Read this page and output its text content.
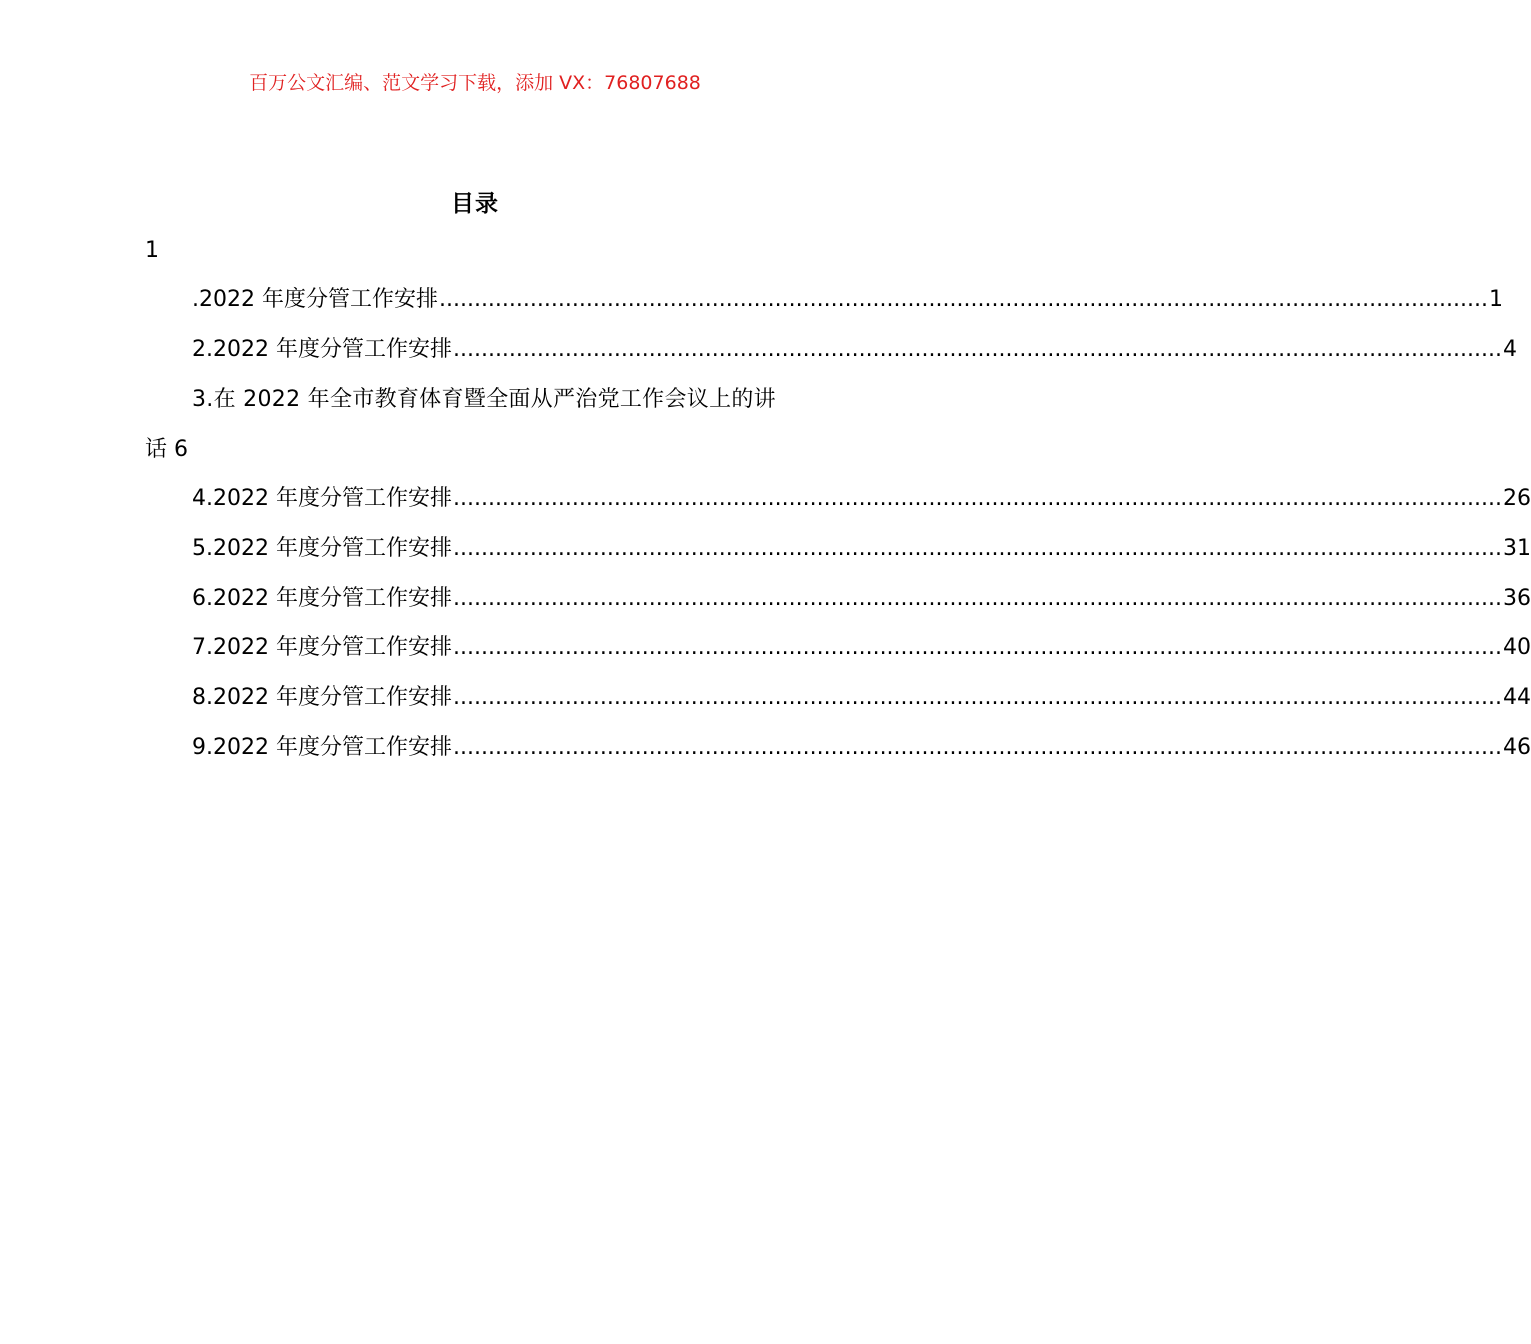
百万公文汇编、范文学习下载，添加 VX：76807688
目录
1
.2022 年度分管工作安排 ...................................................................................................................................................... 1
2.2022 年度分管工作安排 ...................................................................................................................................................... 4
3.在 2022 年全市教育体育暨全面从严治党工作会议上的讲
话 6
4.2022 年度分管工作安排 ...................................................................................................................................................... 26
5.2022 年度分管工作安排 ...................................................................................................................................................... 31
6.2022 年度分管工作安排 ...................................................................................................................................................... 36
7.2022 年度分管工作安排 ...................................................................................................................................................... 40
8.2022 年度分管工作安排 ...................................................................................................................................................... 44
9.2022 年度分管工作安排 ...................................................................................................................................................... 46
